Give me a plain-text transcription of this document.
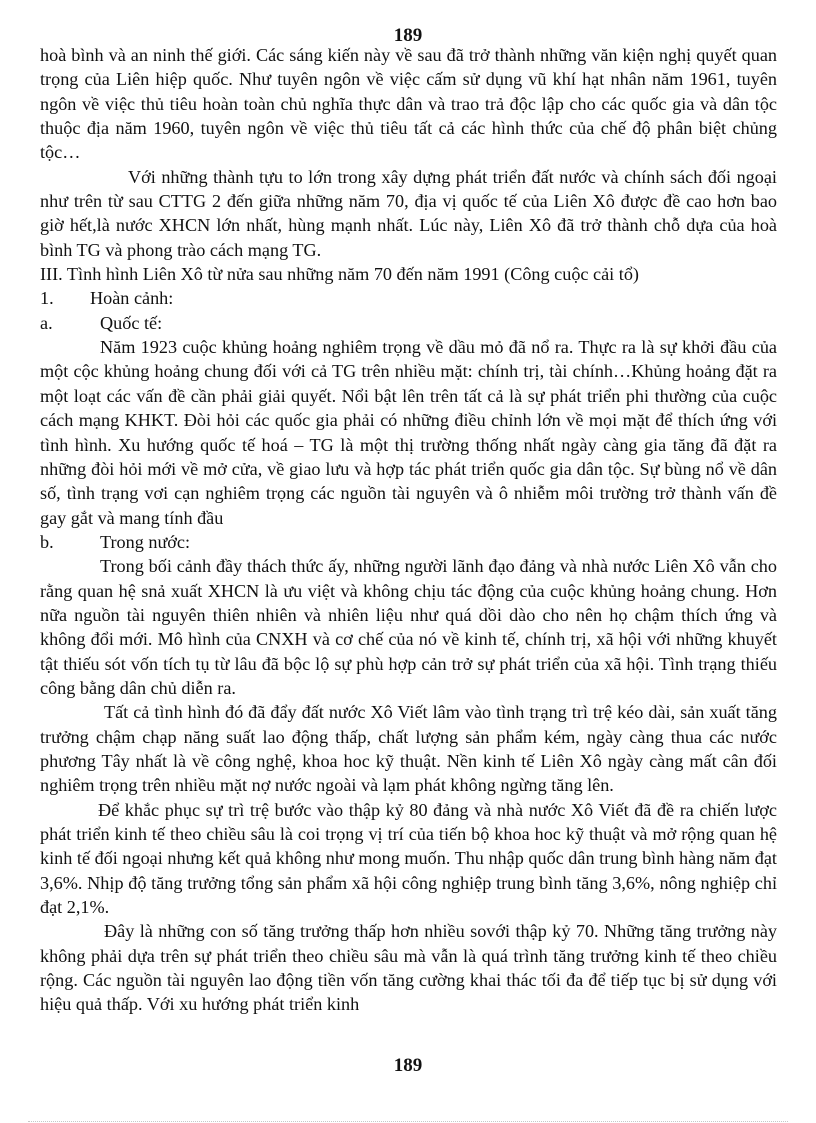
189

hoà bình và an ninh thế giới. Các sáng kiến này về sau đã trở thành những văn kiện nghị quyết quan trọng của Liên hiệp quốc. Như tuyên ngôn về việc cấm sử dụng vũ khí hạt nhân năm 1961, tuyên ngôn về việc thủ tiêu hoàn toàn chủ nghĩa thực dân và trao trả độc lập cho các quốc gia và dân tộc thuộc địa năm 1960, tuyên ngôn về việc thủ tiêu tất cả các hình thức của chế độ phân biệt chủng tộc…

Với những thành tựu to lớn trong xây dựng phát triển đất nước và chính sách đối ngoại như trên từ sau CTTG 2 đến giữa những năm 70, địa vị quốc tế của Liên Xô được đề cao hơn bao giờ hết,là nước XHCN lớn nhất, hùng mạnh nhất. Lúc này, Liên Xô đã trở thành chỗ dựa của hoà bình TG và phong trào cách mạng TG.

III. Tình hình Liên Xô từ nửa sau những năm 70 đến năm 1991 (Công cuộc cải tổ)

1. Hoàn cảnh:

a.	Quốc tế:

Năm 1923 cuộc khủng hoảng nghiêm trọng về dầu mỏ đã nổ ra. Thực ra là sự khởi đầu của một cộc khủng hoảng chung đối với cả TG trên nhiều mặt: chính trị, tài chính…Khủng hoảng đặt ra một loạt các vấn đề cần phải giải quyết. Nổi bật lên trên tất cả là sự phát triển phi thường của cuộc cách mạng KHKT. Đòi hỏi các quốc gia phải có những điều chỉnh lớn về mọi mặt để thích ứng với tình hình. Xu hướng quốc tế hoá – TG là một thị trường thống nhất ngày càng gia tăng đã đặt ra những đòi hỏi mới về mở cửa, về giao lưu và hợp tác phát triển quốc gia dân tộc. Sự bùng nổ về dân số, tình trạng vơi cạn nghiêm trọng các nguồn tài nguyên và ô nhiễm môi trường trở thành vấn đề gay gắt và mang tính đầu

b.	Trong nước:

Trong bối cảnh đầy thách thức ấy, những người lãnh đạo đảng và nhà nước Liên Xô vẫn cho rằng quan hệ snả xuất XHCN là ưu việt và không chịu tác động của cuộc khủng hoảng chung. Hơn nữa nguồn tài nguyên thiên nhiên và nhiên liệu như quá dồi dào cho nên họ chậm thích ứng và không đổi mới. Mô hình của CNXH và cơ chế của nó về kinh tế, chính trị, xã hội với những khuyết tật thiếu sót vốn tích tụ từ lâu đã bộc lộ sự phù hợp cản trở sự phát triển của xã hội. Tình trạng thiếu công bằng dân chủ diễn ra.

Tất cả tình hình đó đã đẩy đất nước Xô Viết lâm vào tình trạng trì trệ kéo dài, sản xuất tăng trưởng chậm chạp năng suất lao động thấp, chất lượng sản phẩm kém, ngày càng thua các nước phương Tây nhất là về công nghệ, khoa hoc kỹ thuật. Nền kinh tế Liên Xô ngày càng mất cân đối nghiêm trọng trên nhiều mặt nợ nước ngoài và lạm phát không ngừng tăng lên.

Để khắc phục sự trì trệ bước vào thập kỷ 80 đảng và nhà nước Xô Viết đã đề ra chiến lược phát triển kinh tế theo chiều sâu là coi trọng vị trí của tiến bộ khoa hoc kỹ thuật và mở rộng quan hệ kinh tế đối ngoại nhưng kết quả không như mong muốn. Thu nhập quốc dân trung bình hàng năm đạt 3,6%. Nhịp độ tăng trưởng tổng sản phẩm xã hội công nghiệp trung bình tăng 3,6%, nông nghiệp chỉ đạt 2,1%.

Đây là những con số tăng trưởng thấp hơn nhiều sovới thập kỷ 70. Những tăng trưởng này không phải dựa trên sự phát triển theo chiều sâu mà vẫn là quá trình tăng trưởng kinh tế theo chiều rộng. Các nguồn tài nguyên lao động tiền vốn tăng cường khai thác tối đa để tiếp tục bị sử dụng với hiệu quả thấp. Với xu hướng phát triển kinh

189
